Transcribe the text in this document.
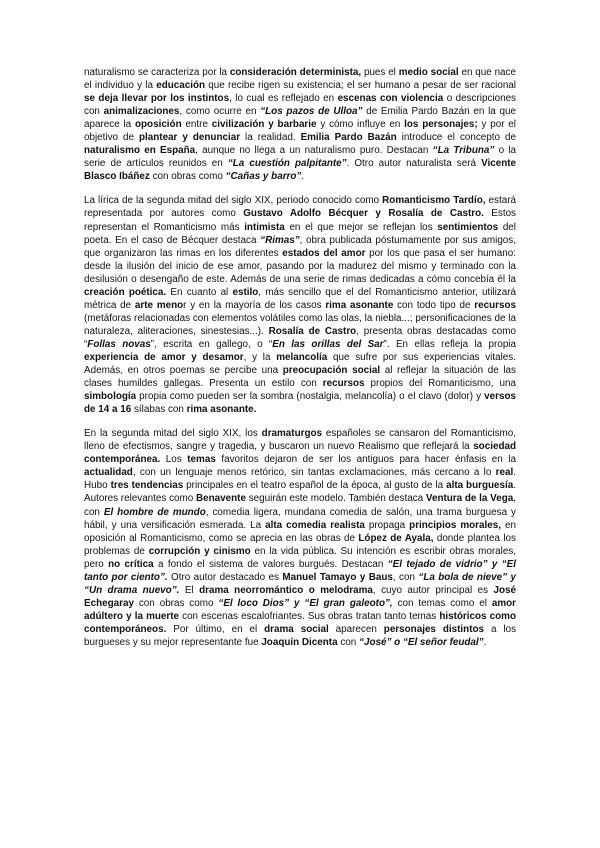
naturalismo se caracteriza por la consideración determinista, pues el medio social en que nace el individuo y la educación que recibe rigen su existencia; el ser humano a pesar de ser racional se deja llevar por los instintos, lo cual es reflejado en escenas con violencia o descripciones con animalizaciones, como ocurre en “Los pazos de Ulloa” de Emilia Pardo Bazán en la que aparece la oposición entre civilización y barbarie y cómo influye en los personajes; y por el objetivo de plantear y denunciar la realidad. Emilia Pardo Bazán introduce el concepto de naturalismo en España, aunque no llega a un naturalismo puro. Destacan “La Tribuna” o la serie de artículos reunidos en “La cuestión palpitante”. Otro autor naturalista será Vicente Blasco Ibáñez con obras como “Cañas y barro”.

La lírica de la segunda mitad del siglo XIX, periodo conocido como Romanticismo Tardío, estará representada por autores como Gustavo Adolfo Bécquer y Rosalía de Castro. Estos representan el Romanticismo más intimista en el que mejor se reflejan los sentimientos del poeta. En el caso de Bécquer destaca “Rimas”, obra publicada póstumamente por sus amigos, que organizaron las rimas en los diferentes estados del amor por los que pasa el ser humano: desde la ilusión del inicio de ese amor, pasando por la madurez del mismo y terminado con la desilusión o desengaño de este. Además de una serie de rimas dedicadas a cómo concebía él la creación poética. En cuanto al estilo, más sencillo que el del Romanticismo anterior, utilizará métrica de arte menor y en la mayoría de los casos rima asonante con todo tipo de recursos (metáforas relacionadas con elementos volátiles como las olas, la niebla...; personificaciones de la naturaleza, aliteraciones, sinestesias...). Rosalía de Castro, presenta obras destacadas como “Follas novas”, escrita en gallego, o “En las orillas del Sar”. En ellas refleja la propia experiencia de amor y desamor, y la melancolía que sufre por sus experiencias vitales. Además, en otros poemas se percibe una preocupación social al reflejar la situación de las clases humildes gallegas. Presenta un estilo con recursos propios del Romanticismo, una simbología propia como pueden ser la sombra (nostalgia, melancolía) o el clavo (dolor) y versos de 14 a 16 sílabas con rima asonante.

En la segunda mitad del siglo XIX, los dramaturgos españoles se cansaron del Romanticismo, lleno de efectismos, sangre y tragedia, y buscaron un nuevo Realismo que reflejará la sociedad contemporánea. Los temas favoritos dejaron de ser los antiguos para hacer énfasis en la actualidad, con un lenguaje menos retórico, sin tantas exclamaciones, más cercano a lo real. Hubo tres tendencias principales en el teatro español de la época, al gusto de la alta burguesía. Autores relevantes como Benavente seguirán este modelo. También destaca Ventura de la Vega, con El hombre de mundo, comedia ligera, mundana comedia de salón, una trama burguesa y hábil, y una versificación esmerada. La alta comedia realista propaga principios morales, en oposición al Romanticismo, como se aprecia en las obras de López de Ayala, donde plantea los problemas de corrupción y cinismo en la vida pública. Su intención es escribir obras morales, pero no crítica a fondo el sistema de valores burgués. Destacan “El tejado de vidrio” y “El tanto por ciento”. Otro autor destacado es Manuel Tamayo y Baus, con “La bola de nieve” y “Un drama nuevo”. El drama neorromántico o melodrama, cuyo autor principal es José Echegaray con obras como “El loco Dios” y “El gran galeoto”, con temas como el amor adúltero y la muerte con escenas escalofriantes. Sus obras tratan tanto temas históricos como contemporáneos. Por último, en el drama social aparecen personajes distintos a los burgueses y su mejor representante fue Joaquín Dicenta con “José” o “El señor feudal”.
